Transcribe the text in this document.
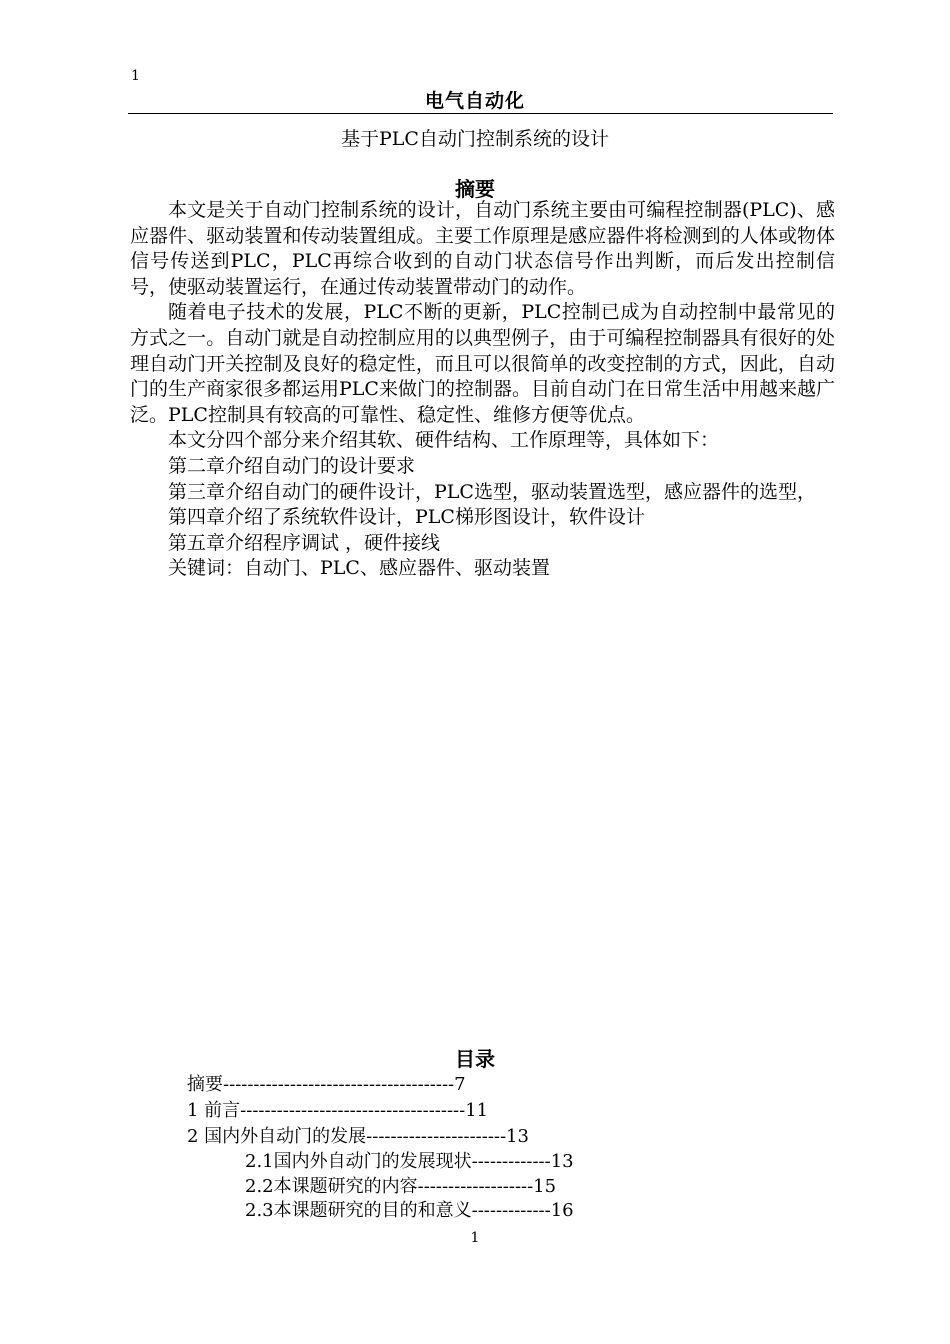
1
电气自动化
基于PLC自动门控制系统的设计
摘要

本文是关于自动门控制系统的设计，自动门系统主要由可编程控制器(PLC)、感应器件、驱动装置和传动装置组成。主要工作原理是感应器件将检测到的人体或物体信号传送到PLC，PLC再综合收到的自动门状态信号作出判断，而后发出控制信号，使驱动装置运行，在通过传动装置带动门的动作。

随着电子技术的发展，PLC不断的更新，PLC控制已成为自动控制中最常见的方式之一。自动门就是自动控制应用的以典型例子，由于可编程控制器具有很好的处理自动门开关控制及良好的稳定性，而且可以很简单的改变控制的方式，因此，自动门的生产商家很多都运用PLC来做门的控制器。目前自动门在日常生活中用越来越广泛。PLC控制具有较高的可靠性、稳定性、维修方便等优点。

本文分四个部分来介绍其软、硬件结构、工作原理等，具体如下：

第二章介绍自动门的设计要求

第三章介绍自动门的硬件设计，PLC选型，驱动装置选型，感应器件的选型，

第四章介绍了系统软件设计，PLC梯形图设计，软件设计

第五章介绍程序调试 ，硬件接线

关键词：自动门、PLC、感应器件、驱动装置

目录
摘要--------------------------------------7
1 前言-------------------------------------11
2 国内外自动门的发展-----------------------13
2.1国内外自动门的发展现状-------------13
2.2本课题研究的内容-------------------15
2.3本课题研究的目的和意义-------------16
1
